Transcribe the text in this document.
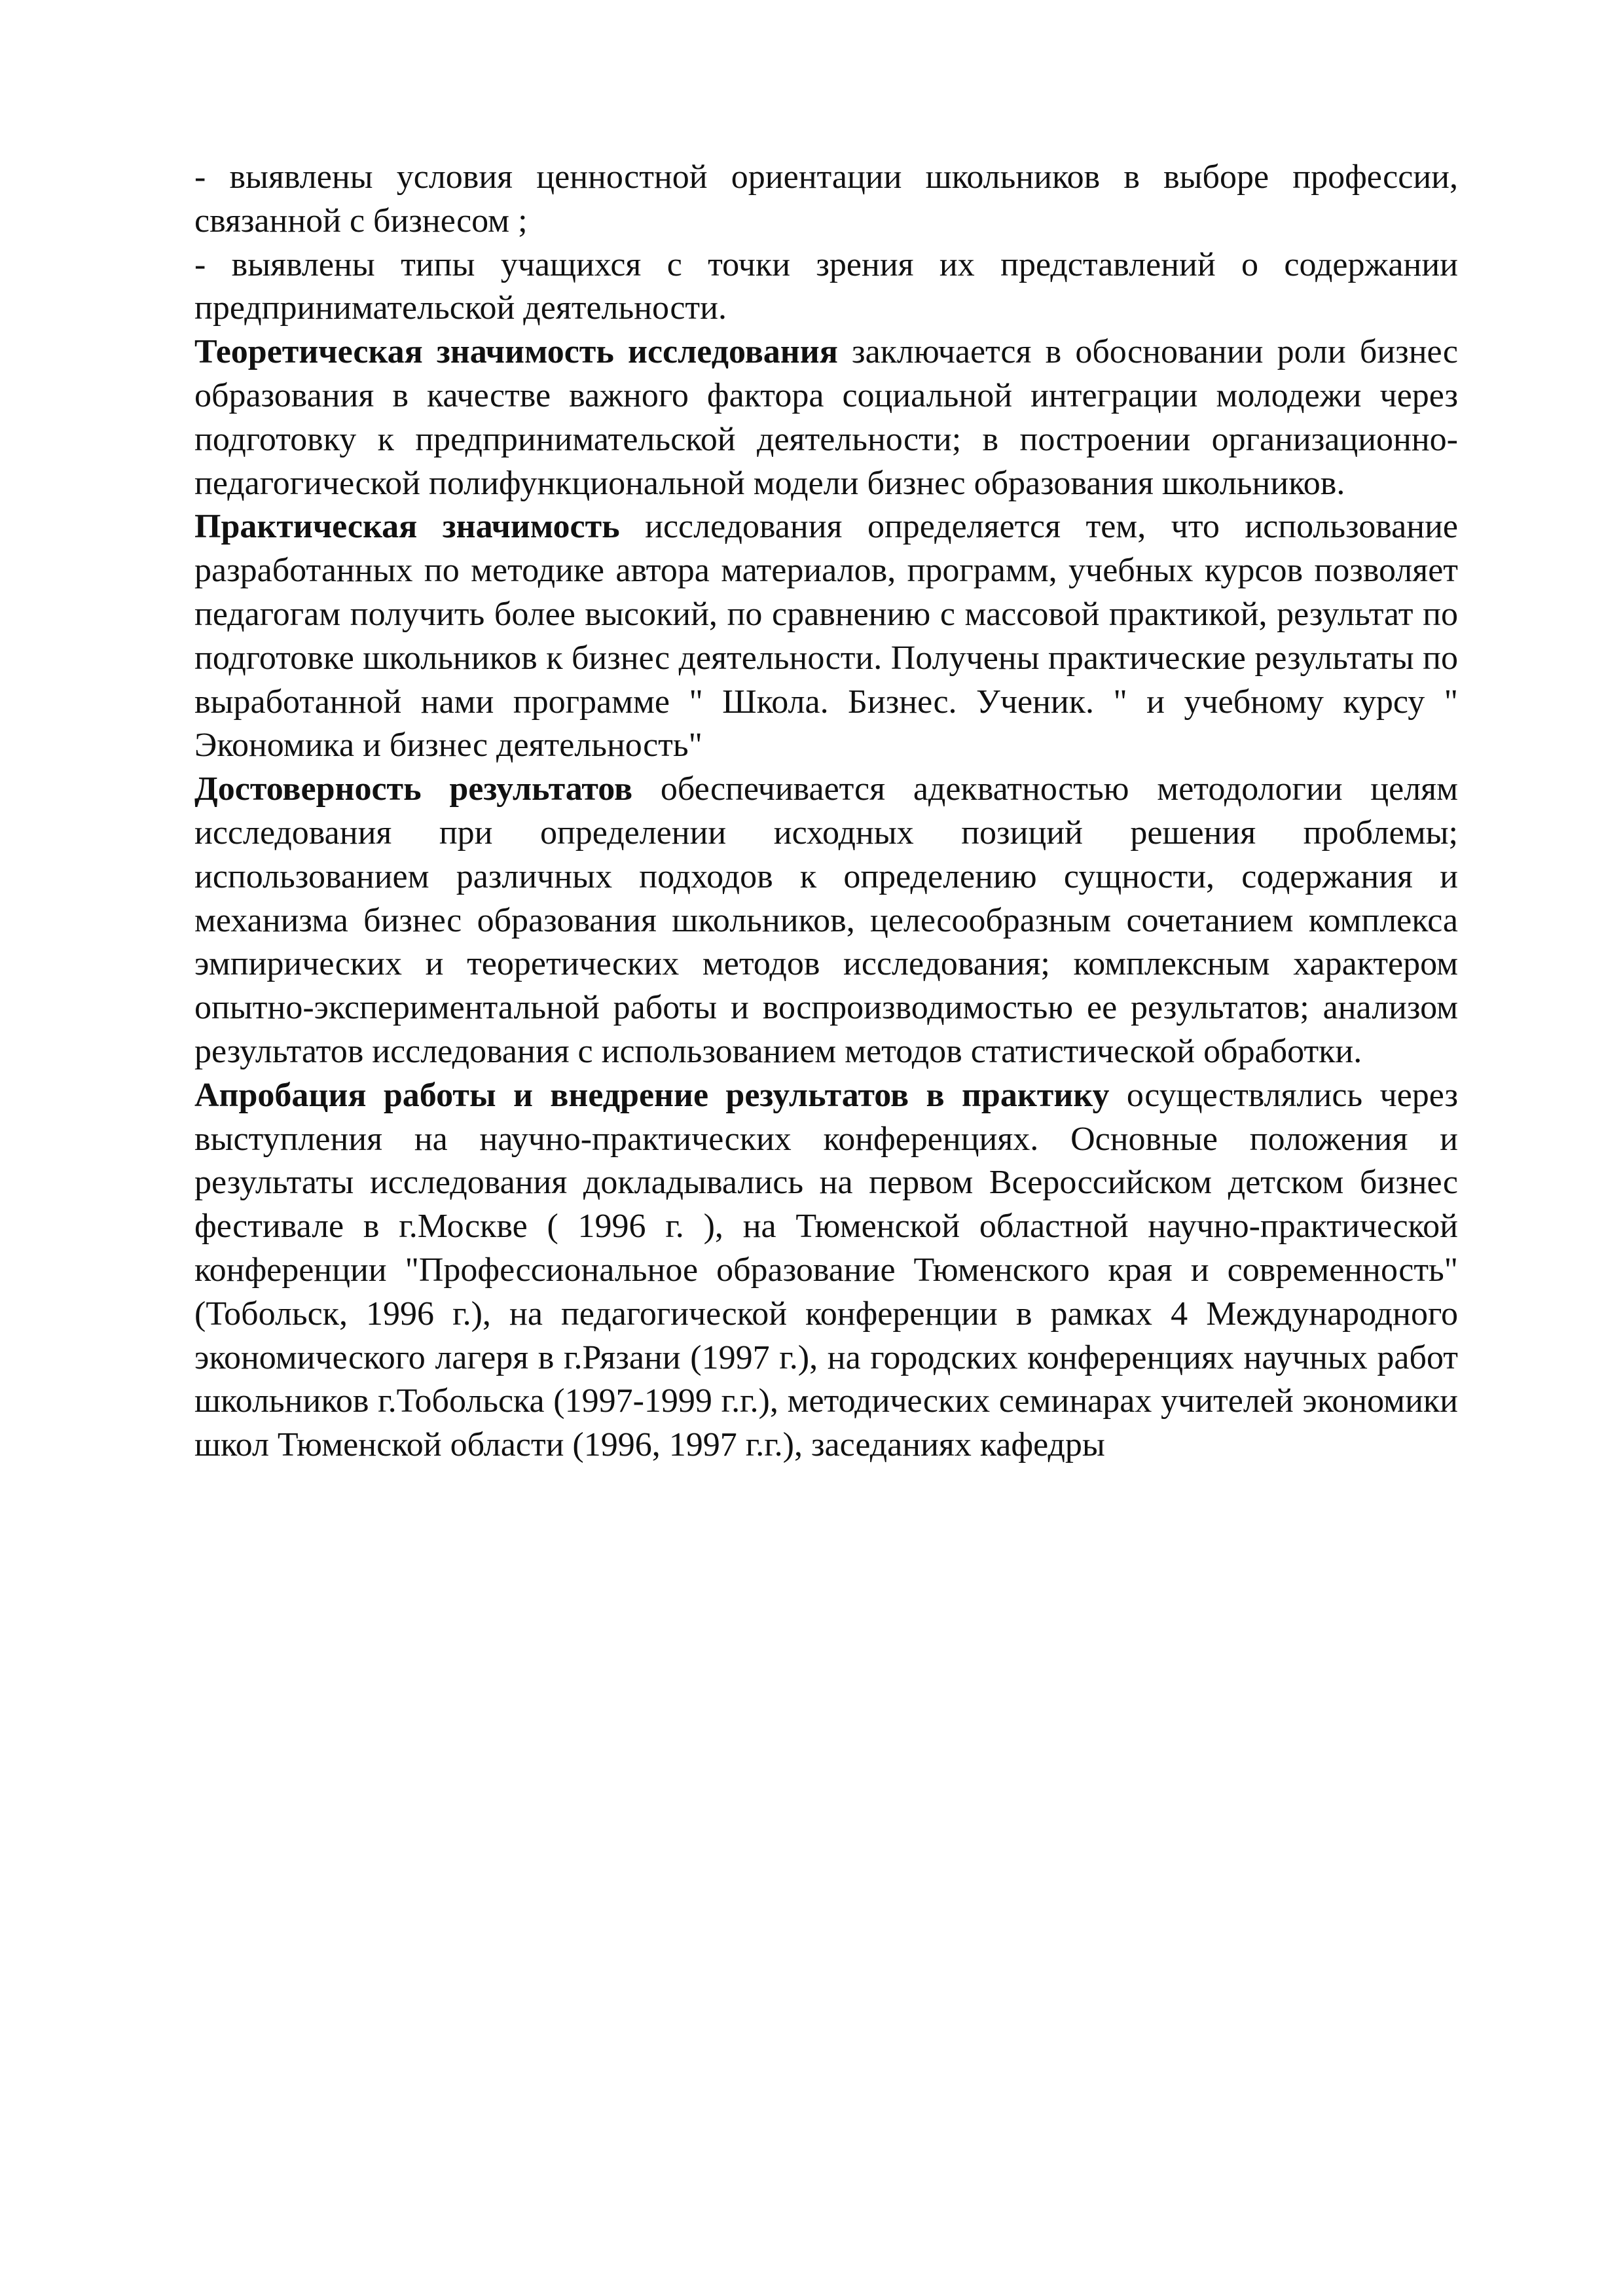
- выявлены условия ценностной ориентации школьников в выборе профессии, связанной с бизнесом ;

- выявлены типы учащихся с точки зрения их представлений о содержании предпринимательской деятельности.

Теоретическая значимость исследования заключается в обосновании роли бизнес образования в качестве важного фактора социальной интеграции молодежи через подготовку к предпринимательской деятельности; в построении организационно-педагогической полифункциональной модели бизнес образования школьников.

Практическая значимость исследования определяется тем, что использование разработанных по методике автора материалов, программ, учебных курсов позволяет педагогам получить более высокий, по сравнению с массовой практикой, результат по подготовке школьников к бизнес деятельности. Получены практические результаты по выработанной нами программе " Школа. Бизнес. Ученик. " и учебному курсу " Экономика и бизнес деятельность"

Достоверность результатов обеспечивается адекватностью методологии целям исследования при определении исходных позиций решения проблемы; использованием различных подходов к определению сущности, содержания и механизма бизнес образования школьников, целесообразным сочетанием комплекса эмпирических и теоретических методов исследования; комплексным характером опытно-экспериментальной работы и воспроизводимостью ее результатов; анализом результатов исследования с использованием методов статистической обработки.

Апробация работы и внедрение результатов в практику осуществлялись через выступления на научно-практических конференциях. Основные положения и результаты исследования докладывались на первом Всероссийском детском бизнес фестивале в г.Москве ( 1996 г. ), на Тюменской областной научно-практической конференции "Профессиональное образование Тюменского края и современность" (Тобольск, 1996 г.), на педагогической конференции в рамках 4 Международного экономического лагеря в г.Рязани (1997 г.), на городских конференциях научных работ школьников г.Тобольска (1997-1999 г.г.), методических семинарах учителей экономики школ Тюменской области (1996, 1997 г.г.), заседаниях кафедры
